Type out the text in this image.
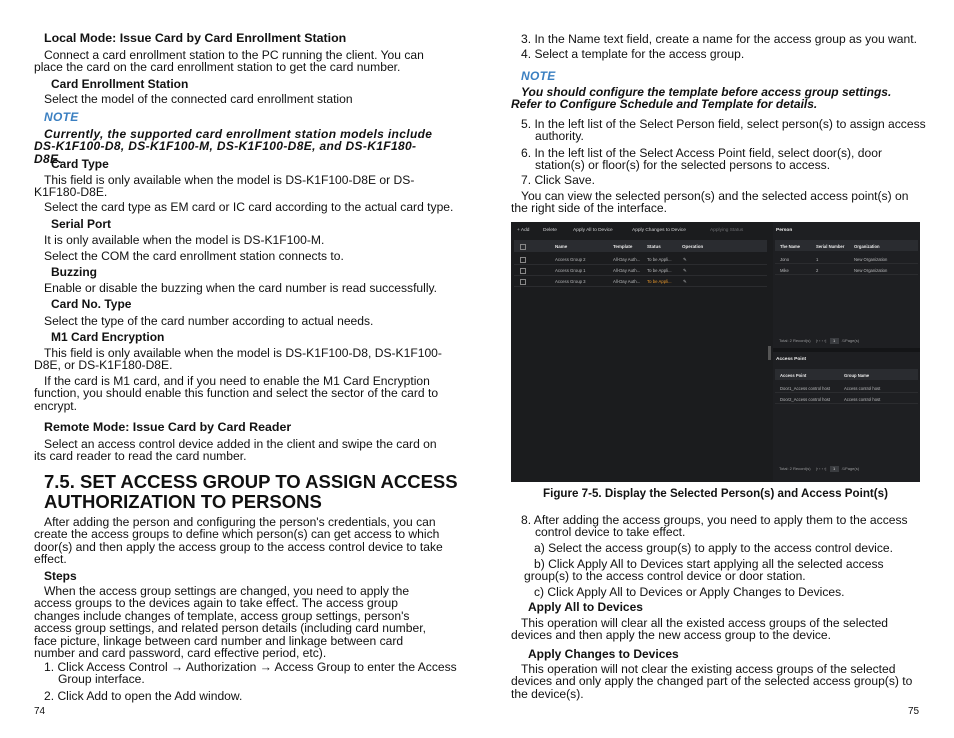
Local Mode: Issue Card by Card Enrollment Station

Connect a card enrollment station to the PC running the client. You can place the card on the card enrollment station to get the card number.

Card Enrollment Station

Select the model of the connected card enrollment station

NOTE

Currently, the supported card enrollment station models include DS-K1F100-D8, DS-K1F100-M, DS-K1F100-D8E, and DS-K1F180-D8E.

Card Type

This field is only available when the model is DS-K1F100-D8E or DS-K1F180-D8E.

Select the card type as EM card or IC card according to the actual card type.

Serial Port

It is only available when the model is DS-K1F100-M.

Select the COM the card enrollment station connects to.

Buzzing

Enable or disable the buzzing when the card number is read successfully.

Card No. Type

Select the type of the card number according to actual needs.

M1 Card Encryption

This field is only available when the model is DS-K1F100-D8, DS-K1F100-D8E, or DS-K1F180-D8E.

If the card is M1 card, and if you need to enable the M1 Card Encryption function, you should enable this function and select the sector of the card to encrypt.

Remote Mode: Issue Card by Card Reader

Select an access control device added in the client and swipe the card on its card reader to read the card number.

7.5. SET ACCESS GROUP TO ASSIGN ACCESS

AUTHORIZATION TO PERSONS

After adding the person and configuring the person's credentials, you can create the access groups to define which person(s) can get access to which door(s) and then apply the access group to the access control device to take effect.

Steps

When the access group settings are changed, you need to apply the access groups to the devices again to take effect. The access group changes include changes of template, access group settings, person's access group settings, and related person details (including card number, face picture, linkage between card number and linkage between card number and card password, card effective period, etc).

1. Click Access Control → Authorization → Access Group to enter the Access Group interface.

2. Click Add to open the Add window.

74

3. In the Name text field, create a name for the access group as you want.

4. Select a template for the access group.

NOTE

You should configure the template before access group settings. Refer to Configure Schedule and Template for details.

5. In the left list of the Select Person field, select person(s) to assign access authority.

6. In the left list of the Select Access Point field, select door(s), door station(s) or floor(s) for the selected persons to access.

7. Click Save.

You can view the selected person(s) and the selected access point(s) on the right side of the interface.

+ Add	Delete	Apply All to Device	Apply Changes to Device	Applying Status
Name	Template	Status	Operation
Access Group 2	All-Day Auth... To be Appli...	✎
Access Group 1	All-Day Auth... To be Appli...	✎
Access Group 3	All-Day Auth... To be Appli...	✎
Person
The Name	Serial Number Organization
Jono	1	New Organization
Mike	2	New Organization
Total: 2 Record(s) |‹ ‹ › ›| 1 /1Page(s)
Access Point
Access Point	Group Name
Door1_Access control host	Access control host
Door2_Access control host	Access control host
Total: 2 Record(s) |‹ ‹ › ›| 1 /1Page(s)

Figure 7-5. Display the Selected Person(s) and Access Point(s)

8. After adding the access groups, you need to apply them to the access control device to take effect.

a) Select the access group(s) to apply to the access control device.

b) Click Apply All to Devices start applying all the selected access group(s) to the access control device or door station.

c) Click Apply All to Devices or Apply Changes to Devices.

Apply All to Devices

This operation will clear all the existed access groups of the selected devices and then apply the new access group to the device.

Apply Changes to Devices

This operation will not clear the existing access groups of the selected devices and only apply the changed part of the selected access group(s) to the device(s).

75
